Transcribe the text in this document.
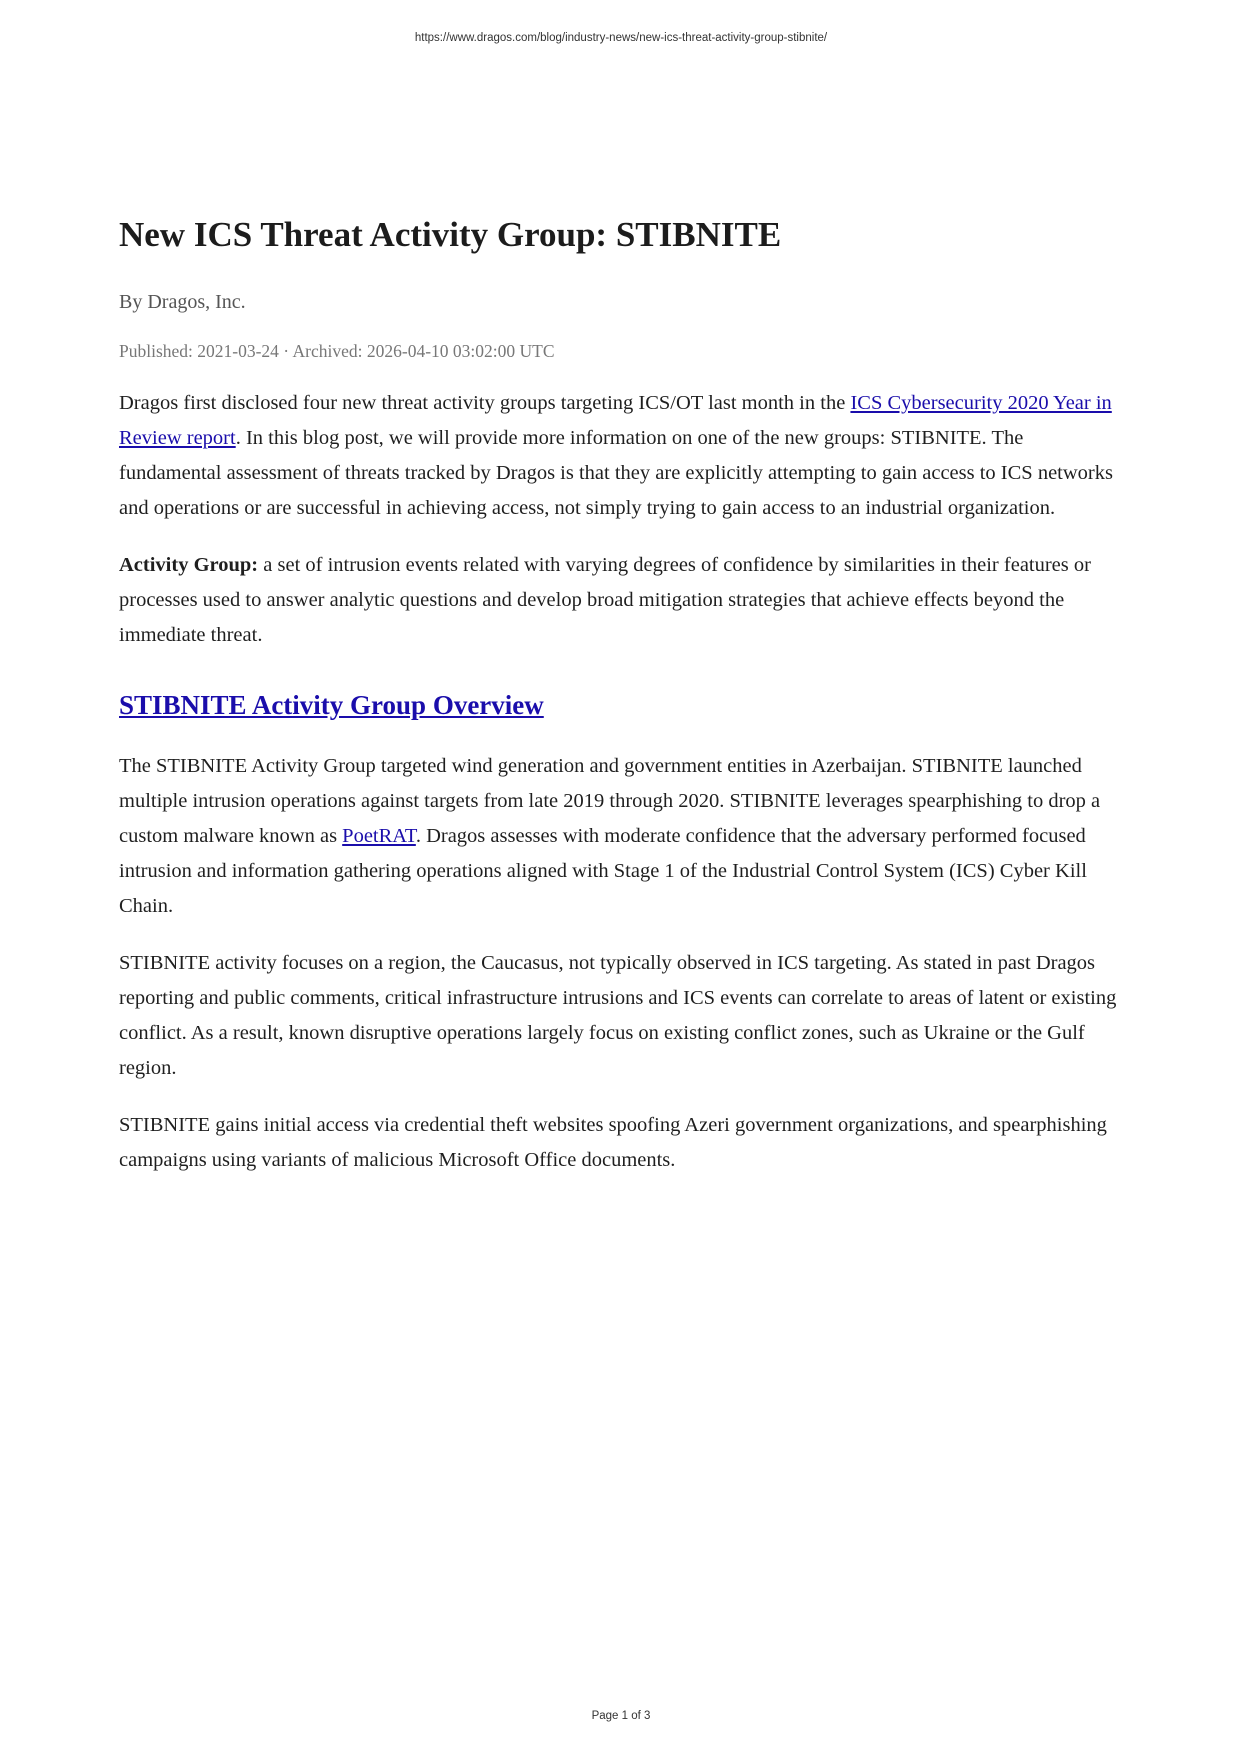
https://www.dragos.com/blog/industry-news/new-ics-threat-activity-group-stibnite/
New ICS Threat Activity Group: STIBNITE
By Dragos, Inc.
Published: 2021-03-24 · Archived: 2026-04-10 03:02:00 UTC

Dragos first disclosed four new threat activity groups targeting ICS/OT last month in the ICS Cybersecurity 2020 Year in Review report. In this blog post, we will provide more information on one of the new groups: STIBNITE. The fundamental assessment of threats tracked by Dragos is that they are explicitly attempting to gain access to ICS networks and operations or are successful in achieving access, not simply trying to gain access to an industrial organization.

Activity Group: a set of intrusion events related with varying degrees of confidence by similarities in their features or processes used to answer analytic questions and develop broad mitigation strategies that achieve effects beyond the immediate threat.

STIBNITE Activity Group Overview

The STIBNITE Activity Group targeted wind generation and government entities in Azerbaijan. STIBNITE launched multiple intrusion operations against targets from late 2019 through 2020. STIBNITE leverages spearphishing to drop a custom malware known as PoetRAT. Dragos assesses with moderate confidence that the adversary performed focused intrusion and information gathering operations aligned with Stage 1 of the Industrial Control System (ICS) Cyber Kill Chain.

STIBNITE activity focuses on a region, the Caucasus, not typically observed in ICS targeting. As stated in past Dragos reporting and public comments, critical infrastructure intrusions and ICS events can correlate to areas of latent or existing conflict. As a result, known disruptive operations largely focus on existing conflict zones, such as Ukraine or the Gulf region.

STIBNITE gains initial access via credential theft websites spoofing Azeri government organizations, and spearphishing campaigns using variants of malicious Microsoft Office documents.

Page 1 of 3
